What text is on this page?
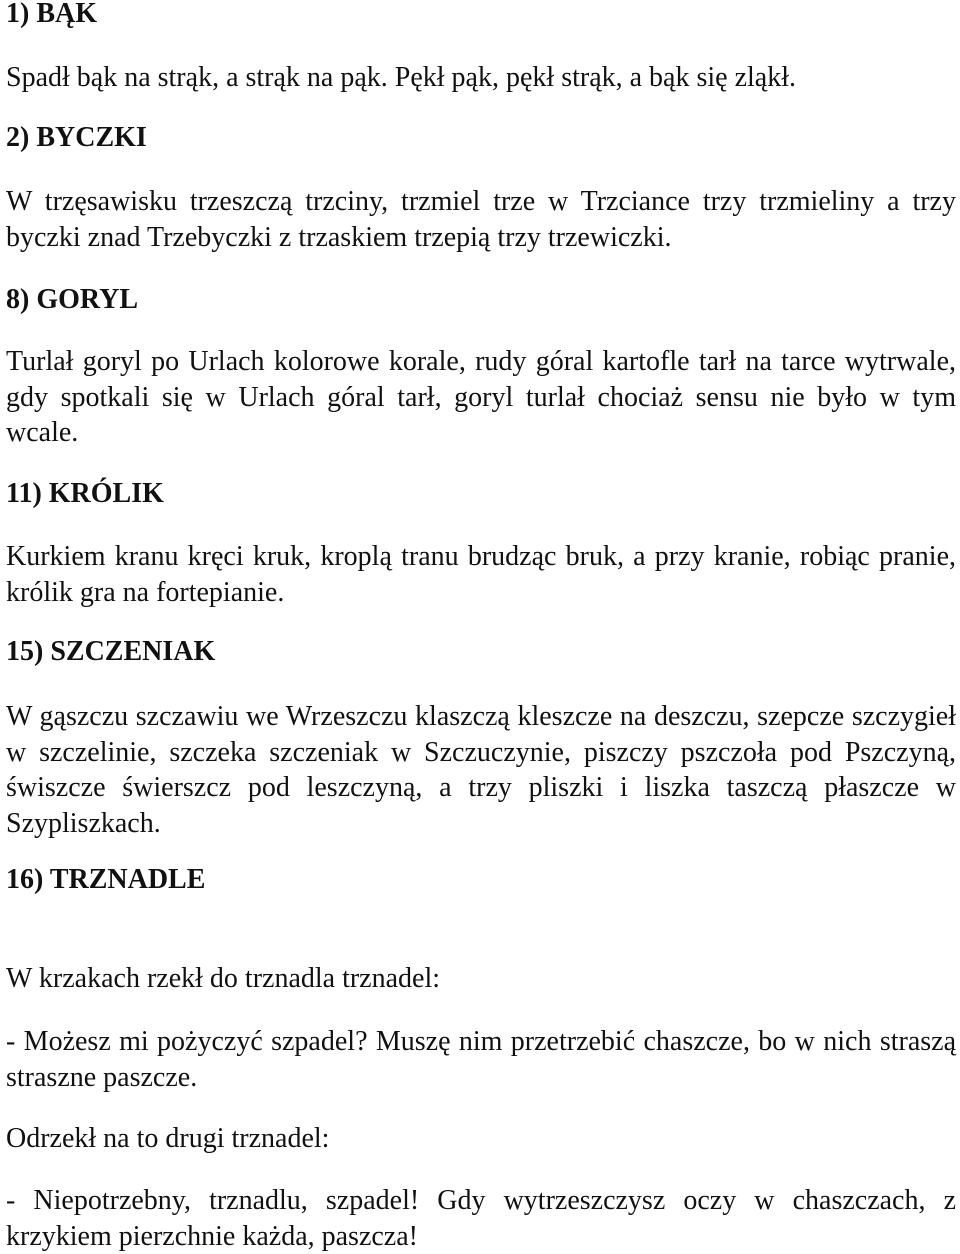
1) BĄK

Spadł bąk na strąk, a strąk na pąk. Pękł pąk, pękł strąk, a bąk się zląkł.

2) BYCZKI

W trzęsawisku trzeszczą trzciny, trzmiel trze w Trzciance trzy trzmieliny a trzy byczki znad Trzebyczki z trzaskiem trzepią trzy trzewiczki.

8) GORYL

Turlał goryl po Urlach kolorowe korale, rudy góral kartofle tarł na tarce wytrwale, gdy spotkali się w Urlach góral tarł, goryl turlał chociaż sensu nie było w tym wcale.

11) KRÓLIK

Kurkiem kranu kręci kruk, kroplą tranu brudząc bruk, a przy kranie, robiąc pranie, królik gra na fortepianie.

15) SZCZENIAK

W gąszczu szczawiu we Wrzeszczu klaszczą kleszcze na deszczu, szepcze szczygieł w szczelinie, szczeka szczeniak w Szczuczynie, piszczy pszczoła pod Pszczyną, świszcze świerszcz pod leszczyną, a trzy pliszki i liszka taszczą płaszcze w Szypliszkach.

16) TRZNADLE

W krzakach rzekł do trznadla trznadel:

- Możesz mi pożyczyć szpadel? Muszę nim przetrzebić chaszcze, bo w nich straszą straszne paszcze.

Odrzekł na to drugi trznadel:

- Niepotrzebny, trznadlu, szpadel! Gdy wytrzeszczysz oczy w chaszczach, z krzykiem pierzchnie każda, paszcza!
